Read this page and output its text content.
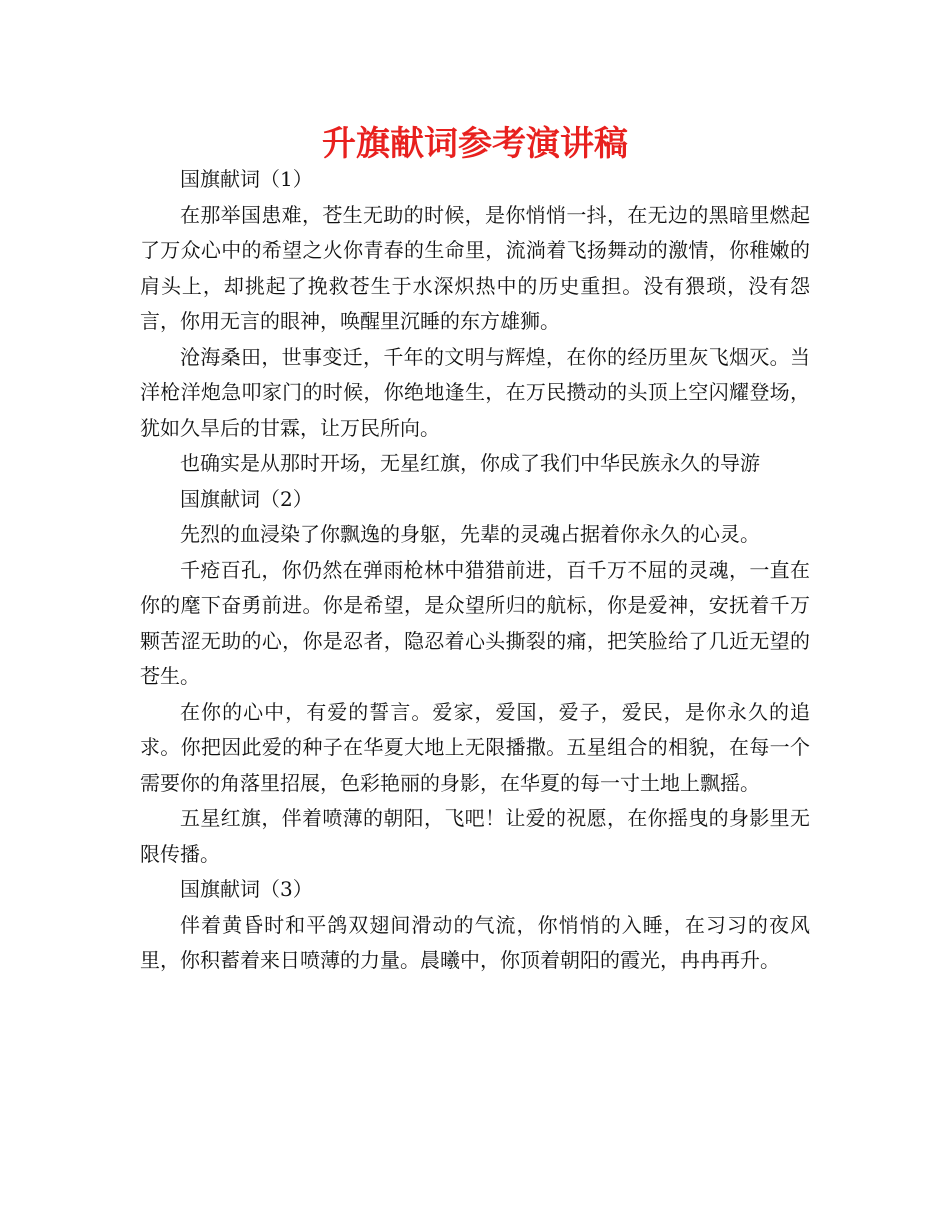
升旗献词参考演讲稿

国旗献词（1）

在那举国患难，苍生无助的时候，是你悄悄一抖，在无边的黑暗里燃起了万众心中的希望之火你青春的生命里，流淌着飞扬舞动的激情，你稚嫩的肩头上，却挑起了挽救苍生于水深炽热中的历史重担。没有猥琐，没有怨言，你用无言的眼神，唤醒里沉睡的东方雄狮。

沧海桑田，世事变迁，千年的文明与辉煌，在你的经历里灰飞烟灭。当洋枪洋炮急叩家门的时候，你绝地逢生，在万民攒动的头顶上空闪耀登场，犹如久旱后的甘霖，让万民所向。

也确实是从那时开场，无星红旗，你成了我们中华民族永久的导游

国旗献词（2）

先烈的血浸染了你飘逸的身躯，先辈的灵魂占据着你永久的心灵。

千疮百孔，你仍然在弹雨枪林中猎猎前进，百千万不屈的灵魂，一直在你的麾下奋勇前进。你是希望，是众望所归的航标，你是爱神，安抚着千万颗苦涩无助的心，你是忍者，隐忍着心头撕裂的痛，把笑脸给了几近无望的苍生。

在你的心中，有爱的誓言。爱家，爱国，爱子，爱民，是你永久的追求。你把因此爱的种子在华夏大地上无限播撒。五星组合的相貌，在每一个需要你的角落里招展，色彩艳丽的身影，在华夏的每一寸土地上飘摇。

五星红旗，伴着喷薄的朝阳，飞吧！让爱的祝愿，在你摇曳的身影里无限传播。

国旗献词（3）

伴着黄昏时和平鸽双翅间滑动的气流，你悄悄的入睡，在习习的夜风里，你积蓄着来日喷薄的力量。晨曦中，你顶着朝阳的霞光，冉冉再升。
